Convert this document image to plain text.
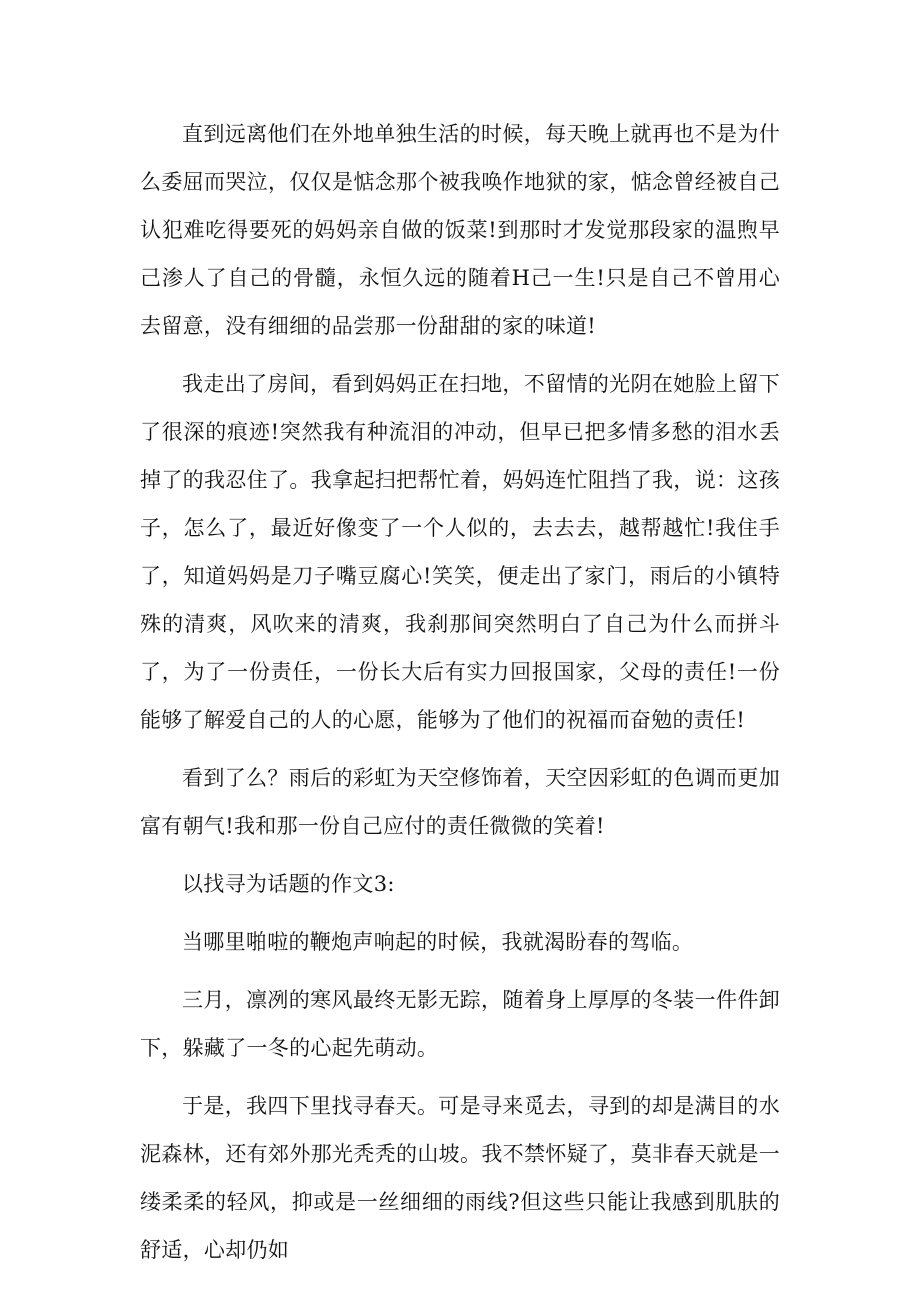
直到远离他们在外地单独生活的时候，每天晚上就再也不是为什么委屈而哭泣，仅仅是惦念那个被我唤作地狱的家，惦念曾经被自己认犯难吃得要死的妈妈亲自做的饭菜!到那时才发觉那段家的温煦早己渗人了自己的骨髓，永恒久远的随着H己一生!只是自己不曾用心去留意，没有细细的品尝那一份甜甜的家的味道!

我走出了房间，看到妈妈正在扫地，不留情的光阴在她脸上留下了很深的痕迹!突然我有种流泪的冲动，但早已把多情多愁的泪水丢掉了的我忍住了。我拿起扫把帮忙着，妈妈连忙阻挡了我，说：这孩子，怎么了，最近好像变了一个人似的，去去去，越帮越忙!我住手了，知道妈妈是刀子嘴豆腐心!笑笑，便走出了家门，雨后的小镇特殊的清爽，风吹来的清爽，我刹那间突然明白了自己为什么而拼斗了，为了一份责任，一份长大后有实力回报国家，父母的责任!一份能够了解爱自己的人的心愿，能够为了他们的祝福而奋勉的责任!

看到了么？雨后的彩虹为天空修饰着，天空因彩虹的色调而更加富有朝气!我和那一份自己应付的责任微微的笑着!

以找寻为话题的作文3:

当哪里啪啦的鞭炮声响起的时候，我就渴盼春的驾临。

三月，凛冽的寒风最终无影无踪，随着身上厚厚的冬装一件件卸下，躲藏了一冬的心起先萌动。

于是，我四下里找寻春天。可是寻来觅去，寻到的却是满目的水泥森林，还有郊外那光秃秃的山坡。我不禁怀疑了，莫非春天就是一缕柔柔的轻风，抑或是一丝细细的雨线?但这些只能让我感到肌肤的舒适，心却仍如
